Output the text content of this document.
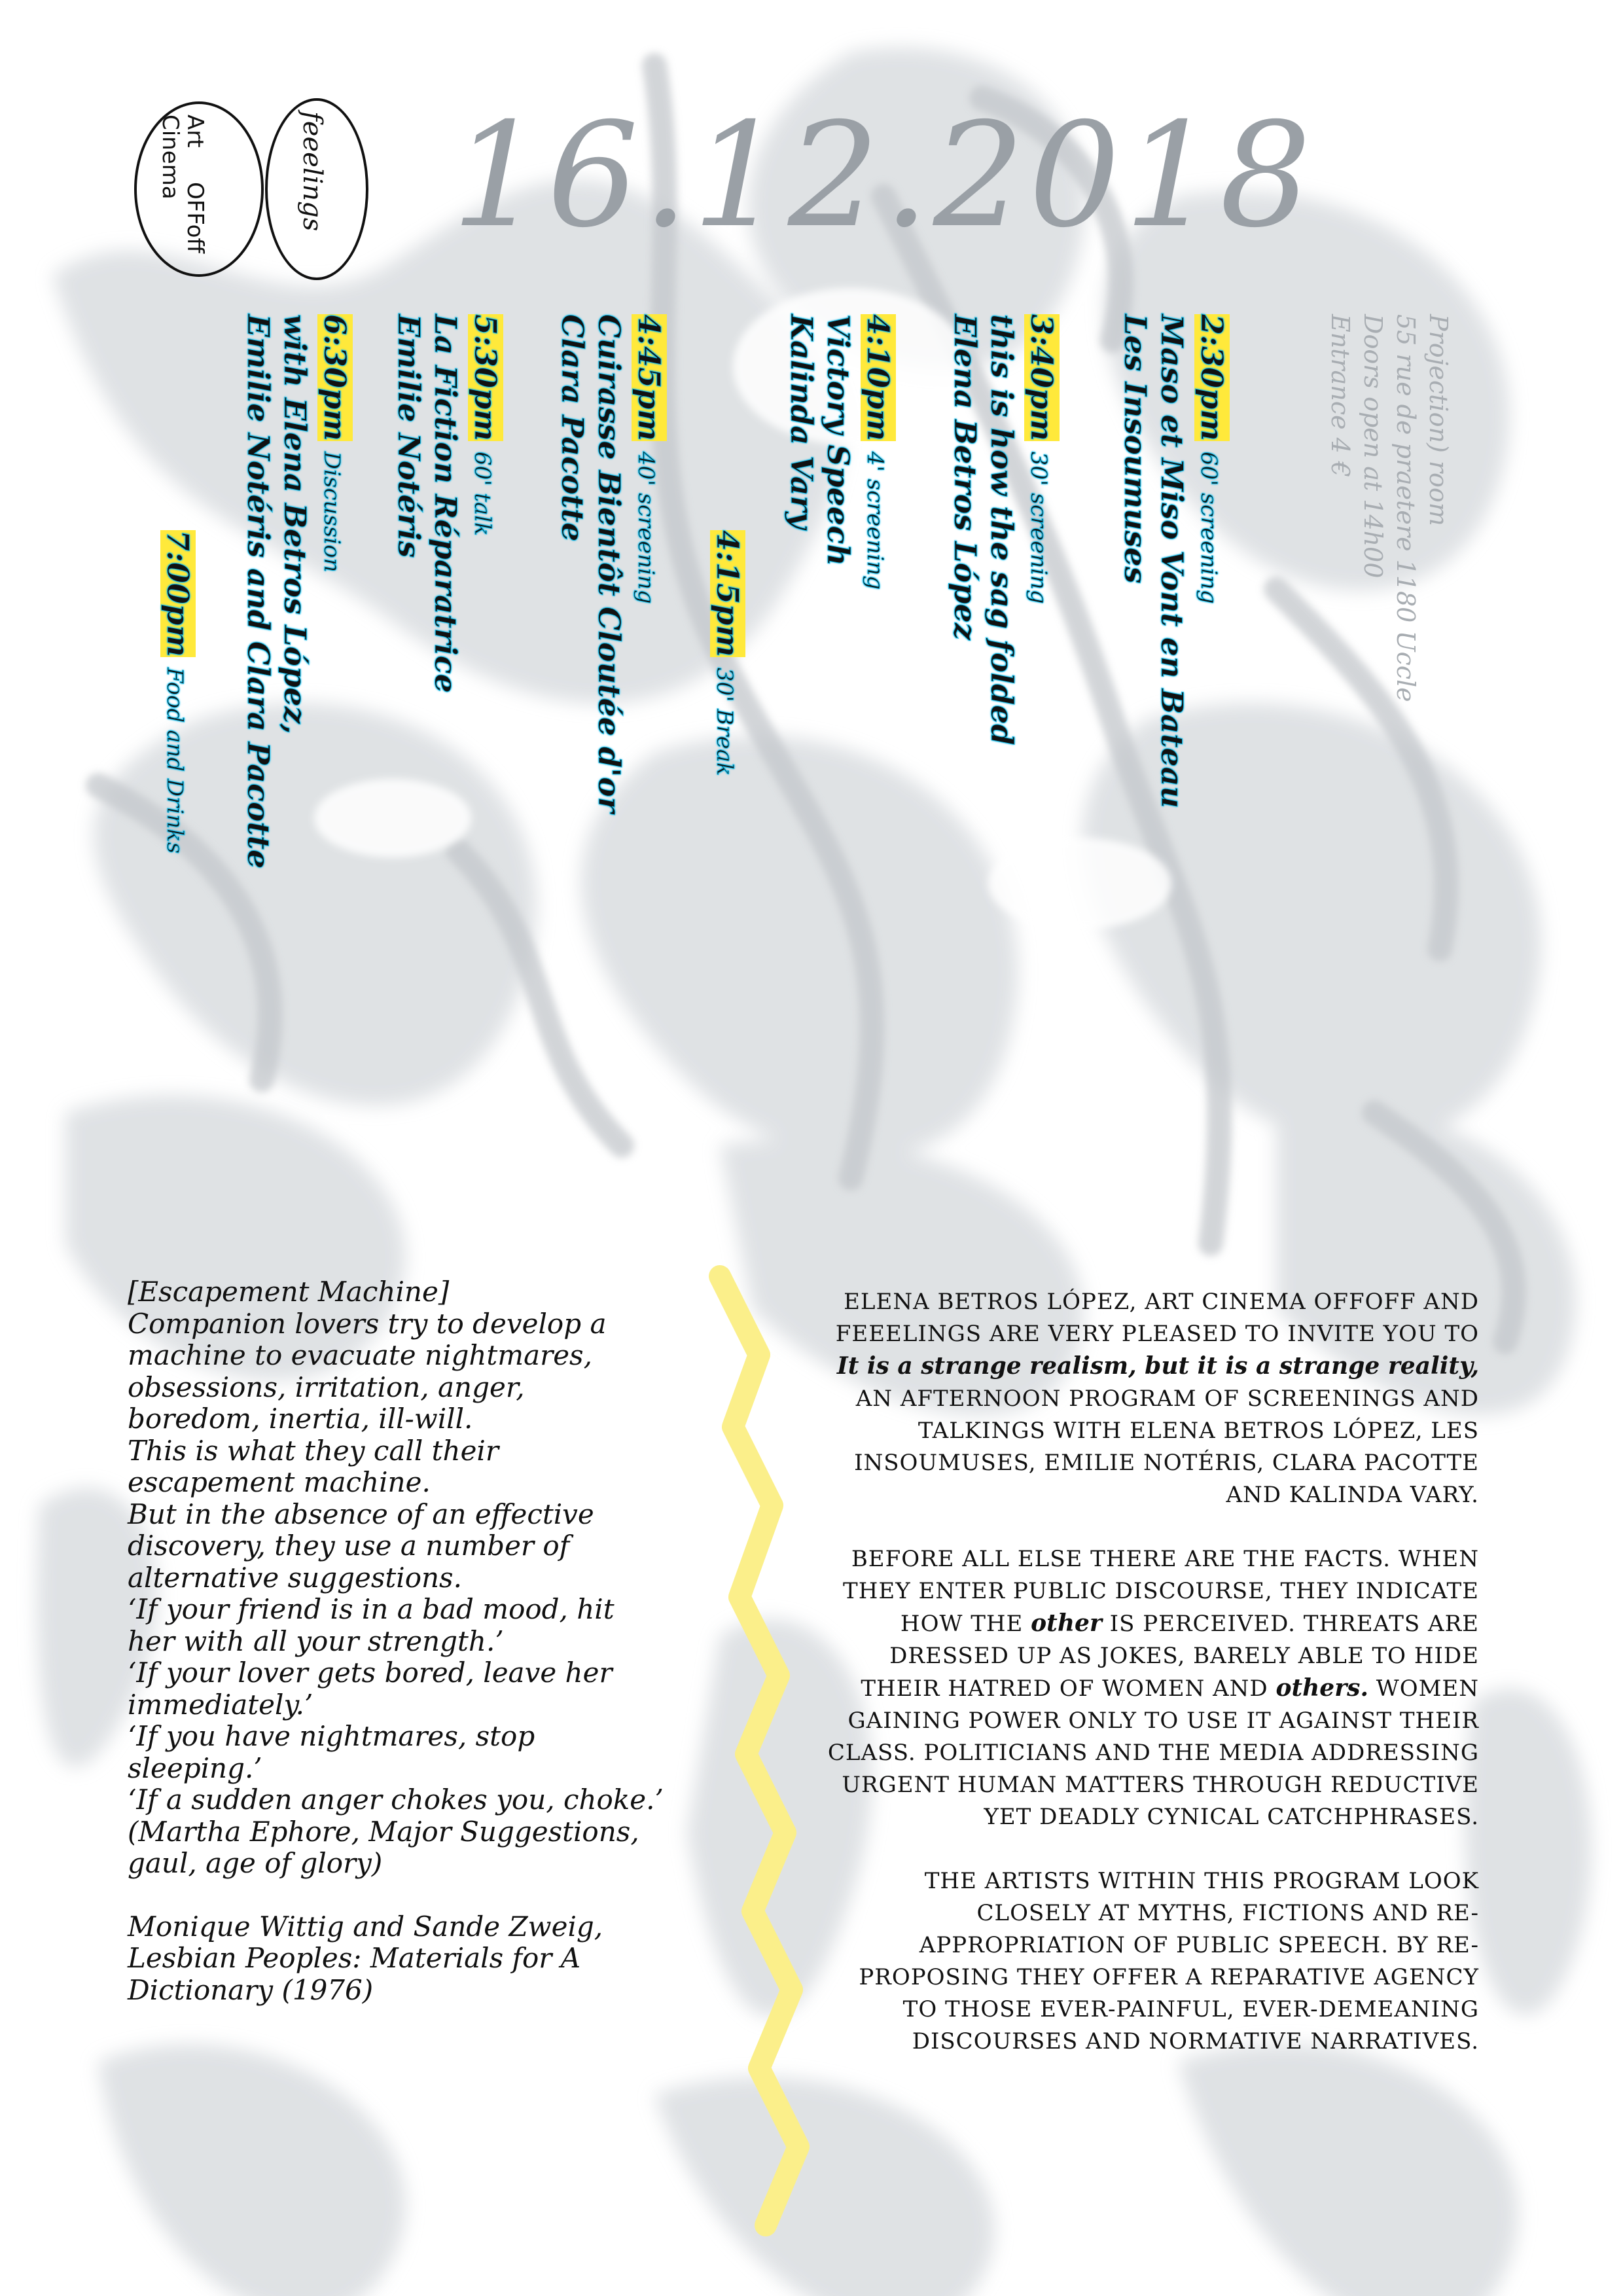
Art
OFFoff
Cinema	feeelings 16.12.2018
Projection) room
55 rue de praetere 1180 Uccle
Doors open at 14h00
Entrance 4 €
2:30pm 60' screening
Maso et Miso Vont en Bateau
Les Insoumuses
3:40pm 30' screening
this is how the sag folded
Elena Betros López
4:10pm 4' screening
Victory Speech
Kalinda Vary
4:15pm 30' Break
4:45pm 40' screening
Cuirasse Bientôt Cloutée d'or
Clara Pacotte
5:30pm 60' talk
La Fiction Réparatrice
Emilie Notéris
6:30pm Discussion
with Elena Betros López,
Emilie Notéris and Clara Pacotte
7:00pm Food and Drinks

[Escapement Machine]

Companion lovers try to develop a

machine to evacuate nightmares,

obsessions, irritation, anger,

boredom, inertia, ill-will.

This is what they call their

escapement machine.

But in the absence of an effective

discovery, they use a number of

alternative suggestions.

‘If your friend is in a bad mood, hit

her with all your strength.’

‘If your lover gets bored, leave her

immediately.’

‘If you have nightmares, stop

sleeping.’

‘If a sudden anger chokes you, choke.’

(Martha Ephore, Major Suggestions,

gaul, age of glory)

Monique Wittig and Sande Zweig,

Lesbian Peoples: Materials for A

Dictionary (1976)

ELENA BETROS LÓPEZ, ART CINEMA OFFOFF AND FEEELINGS ARE VERY PLEASED TO INVITE YOU TO It is a strange realism, but it is a strange reality, AN AFTERNOON PROGRAM OF SCREENINGS AND TALKINGS WITH ELENA BETROS LÓPEZ, LES INSOUMUSES, EMILIE NOTÉRIS, CLARA PACOTTE AND KALINDA VARY.

BEFORE ALL ELSE THERE ARE THE FACTS. WHEN THEY ENTER PUBLIC DISCOURSE, THEY INDICATE HOW THE other IS PERCEIVED. THREATS ARE DRESSED UP AS JOKES, BARELY ABLE TO HIDE THEIR HATRED OF WOMEN AND others. WOMEN GAINING POWER ONLY TO USE IT AGAINST THEIR CLASS. POLITICIANS AND THE MEDIA ADDRESSING URGENT HUMAN MATTERS THROUGH REDUCTIVE YET DEADLY CYNICAL CATCHPHRASES.

THE ARTISTS WITHIN THIS PROGRAM LOOK CLOSELY AT MYTHS, FICTIONS AND RE-APPROPRIATION OF PUBLIC SPEECH. BY RE-PROPOSING THEY OFFER A REPARATIVE AGENCY TO THOSE EVER-PAINFUL, EVER-DEMEANING DISCOURSES AND NORMATIVE NARRATIVES.
